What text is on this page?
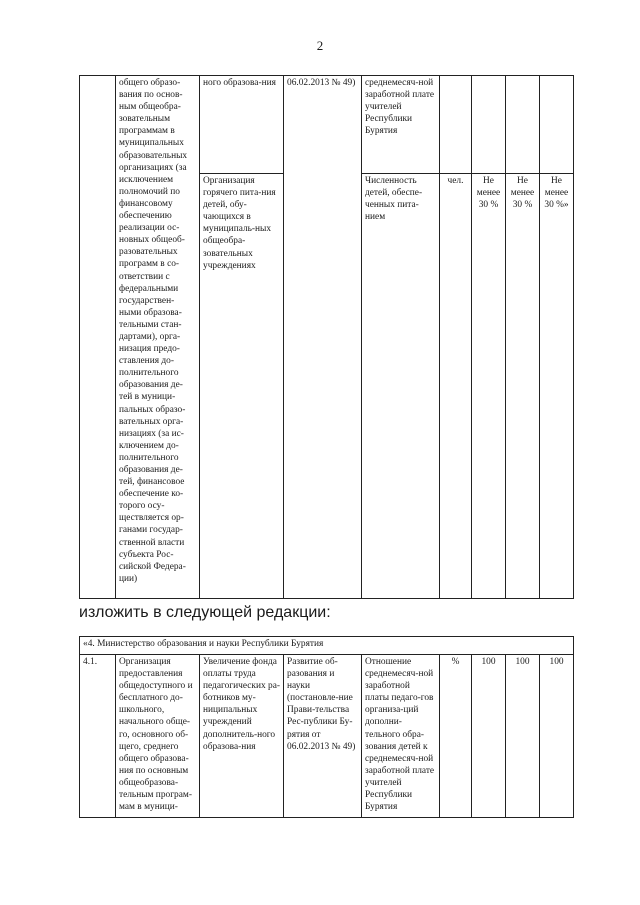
2
	общего образо-вания по основ-ным общеобра-зовательным программам в муниципальных образовательных организациях (за исключением полномочий по финансовому обеспечению реализации ос-новных общеоб-разовательных программ в со-ответствии с федеральными государствен-ными образова-тельными стан-дартами), орга-низация предо-ставления до-полнительного образования де-тей в муници-пальных образо-вательных орга-низациях (за ис-ключением до-полнительного образования де-тей, финансовое обеспечение ко-торого осу-ществляется ор-ганами государ-ственной власти субъекта Рос-сийской Федера-ции)	ного образова-ния	06.02.2013 № 49)	среднемесяч-ной заработной плате учителей Республики Бурятия				
		Организация горячего пита-ния детей, обу-чающихся в муниципаль-ных общеобра-зовательных учреждениях		Численность детей, обеспе-ченных пита-нием	чел.	Не менее 30 %	Не менее 30 %	Не менее 30 %»
изложить в следующей редакции:
«4. Министерство образования и науки Республики Бурятия
4.1.	Организация предоставления общедоступного и бесплатного до-школьного, начального обще-го, основного об-щего, среднего общего образова-ния по основным общеобразова-тельным програм-мам в муници-	Увеличение фонда оплаты труда педагогических ра-ботников му-ниципальных учреждений дополнитель-ного образова-ния	Развитие об-разования и науки (постановле-ние Прави-тельства Рес-публики Бу-рятия от 06.02.2013 № 49)	Отношение среднемесяч-ной заработной платы педаго-гов организа-ций дополни-тельного обра-зования детей к среднемесяч-ной заработной плате учителей Республики Бурятия	%	100	100	100
